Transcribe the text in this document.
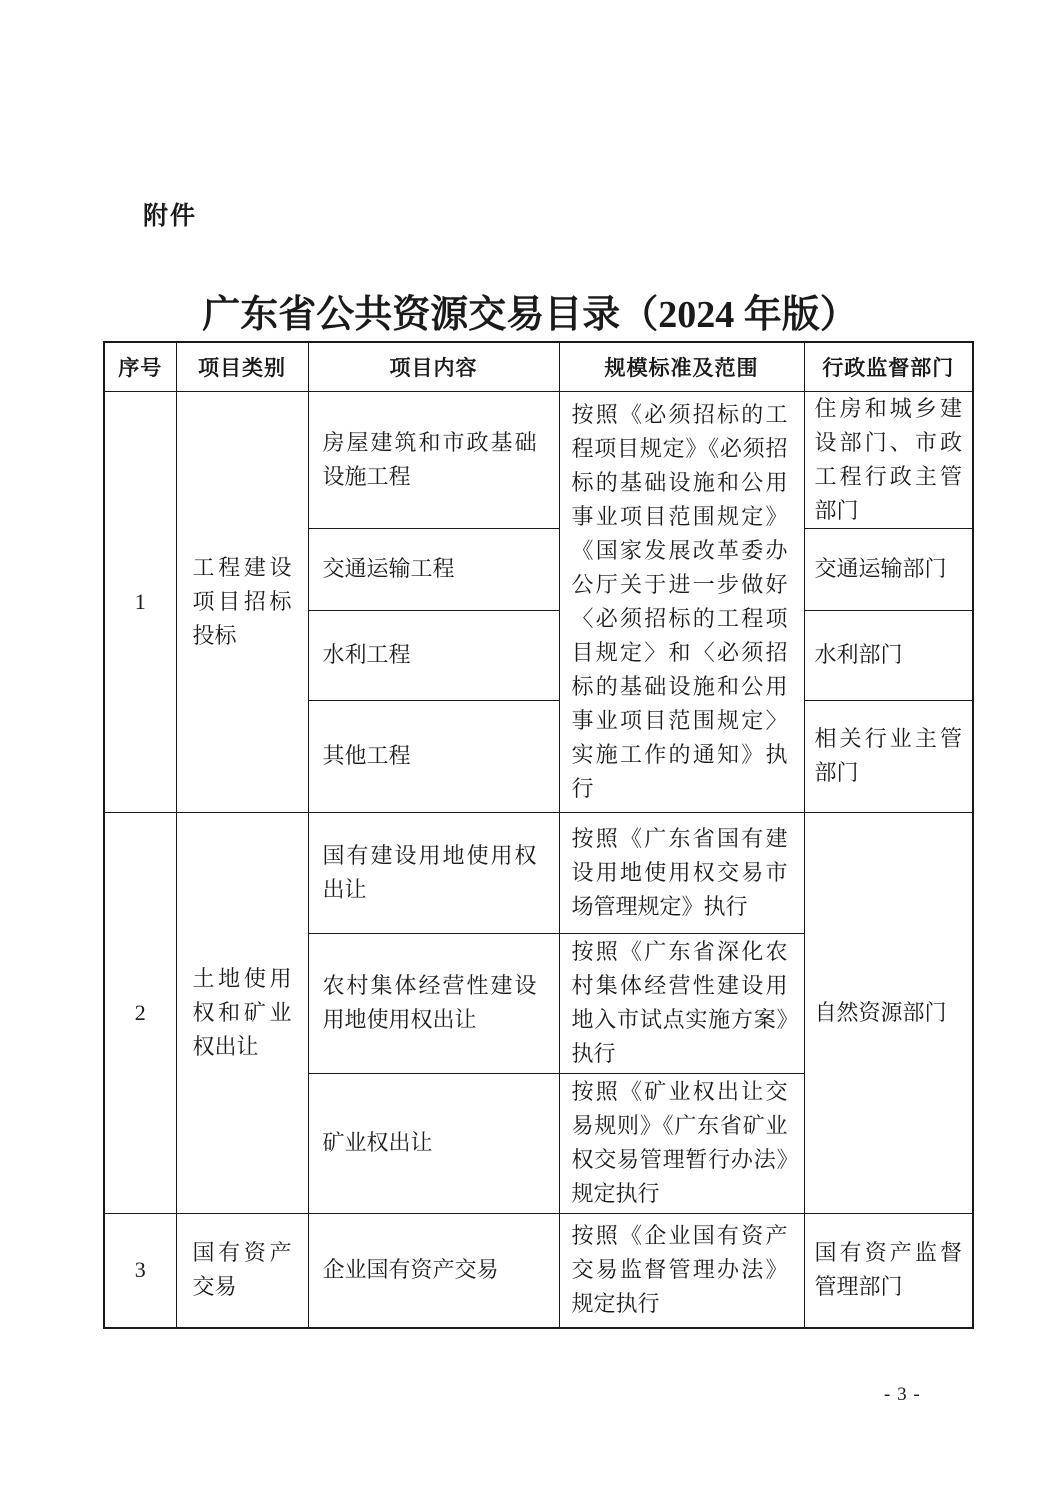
附件
广东省公共资源交易目录（2024 年版）
序号	项目类别	项目内容	规模标准及范围	行政监督部门
1	工程建设项目招标投标	房屋建筑和市政基础设施工程	按照《必须招标的工程项目规定》《必须招标的基础设施和公用事业项目范围规定》《国家发展改革委办公厅关于进一步做好〈必须招标的工程项目规定〉和〈必须招标的基础设施和公用事业项目范围规定〉实施工作的通知》执行	住房和城乡建设部门、市政工程行政主管部门
		交通运输工程		交通运输部门
		水利工程		水利部门
		其他工程		相关行业主管部门
2	土地使用权和矿业权出让	国有建设用地使用权出让	按照《广东省国有建设用地使用权交易市场管理规定》执行	自然资源部门
		农村集体经营性建设用地使用权出让	按照《广东省深化农村集体经营性建设用地入市试点实施方案》执行	
		矿业权出让	按照《矿业权出让交易规则》《广东省矿业权交易管理暂行办法》规定执行	
3	国有资产交易	企业国有资产交易	按照《企业国有资产交易监督管理办法》规定执行	国有资产监督管理部门
- 3 -
